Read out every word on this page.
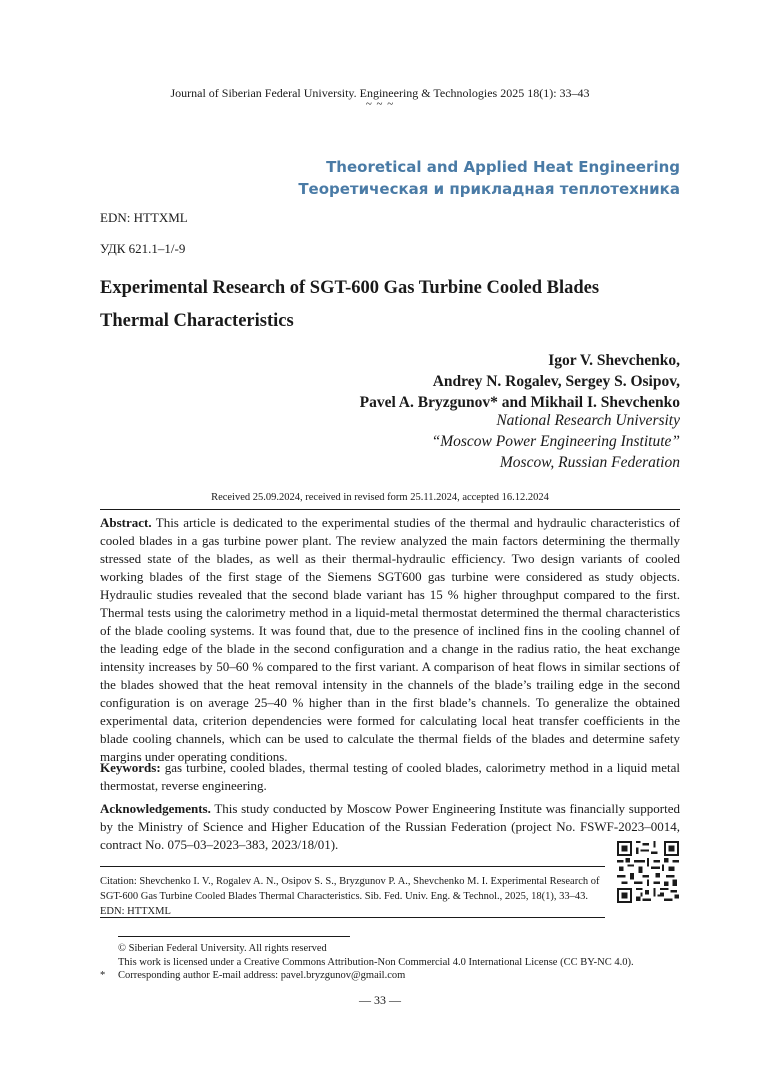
Journal of Siberian Federal University. Engineering & Technologies 2025 18(1): 33–43
~ ~ ~
Theoretical and Applied Heat Engineering
Теоретическая и прикладная теплотехника
EDN: HTTXML
УДК 621.1–1/-9
Experimental Research of SGT-600 Gas Turbine Cooled Blades
Thermal Characteristics
Igor V. Shevchenko,
Andrey N. Rogalev, Sergey S. Osipov,
Pavel A. Bryzgunov* and Mikhail I. Shevchenko
National Research University
“Moscow Power Engineering Institute”
Moscow, Russian Federation
Received 25.09.2024, received in revised form 25.11.2024, accepted 16.12.2024
Abstract. This article is dedicated to the experimental studies of the thermal and hydraulic characteristics of cooled blades in a gas turbine power plant. The review analyzed the main factors determining the thermally stressed state of the blades, as well as their thermal-hydraulic efficiency. Two design variants of cooled working blades of the first stage of the Siemens SGT600 gas turbine were considered as study objects. Hydraulic studies revealed that the second blade variant has 15 % higher throughput compared to the first. Thermal tests using the calorimetry method in a liquid-metal thermostat determined the thermal characteristics of the blade cooling systems. It was found that, due to the presence of inclined fins in the cooling channel of the leading edge of the blade in the second configuration and a change in the radius ratio, the heat exchange intensity increases by 50–60 % compared to the first variant. A comparison of heat flows in similar sections of the blades showed that the heat removal intensity in the channels of the blade’s trailing edge in the second configuration is on average 25–40 % higher than in the first blade’s channels. To generalize the obtained experimental data, criterion dependencies were formed for calculating local heat transfer coefficients in the blade cooling channels, which can be used to calculate the thermal fields of the blades and determine safety margins under operating conditions.
Keywords: gas turbine, cooled blades, thermal testing of cooled blades, calorimetry method in a liquid metal thermostat, reverse engineering.
Acknowledgements. This study conducted by Moscow Power Engineering Institute was financially supported by the Ministry of Science and Higher Education of the Russian Federation (project No. FSWF-2023–0014, contract No. 075–03–2023–383, 2023/18/01).
Citation: Shevchenko I. V., Rogalev A. N., Osipov S. S., Bryzgunov P. A., Shevchenko M. I. Experimental Research of SGT-600 Gas Turbine Cooled Blades Thermal Characteristics. Sib. Fed. Univ. Eng. & Technol., 2025, 18(1), 33–43. EDN: HTTXML
© Siberian Federal University. All rights reserved
This work is licensed under a Creative Commons Attribution-Non Commercial 4.0 International License (CC BY-NC 4.0).
* Corresponding author E-mail address: pavel.bryzgunov@gmail.com
— 33 —
